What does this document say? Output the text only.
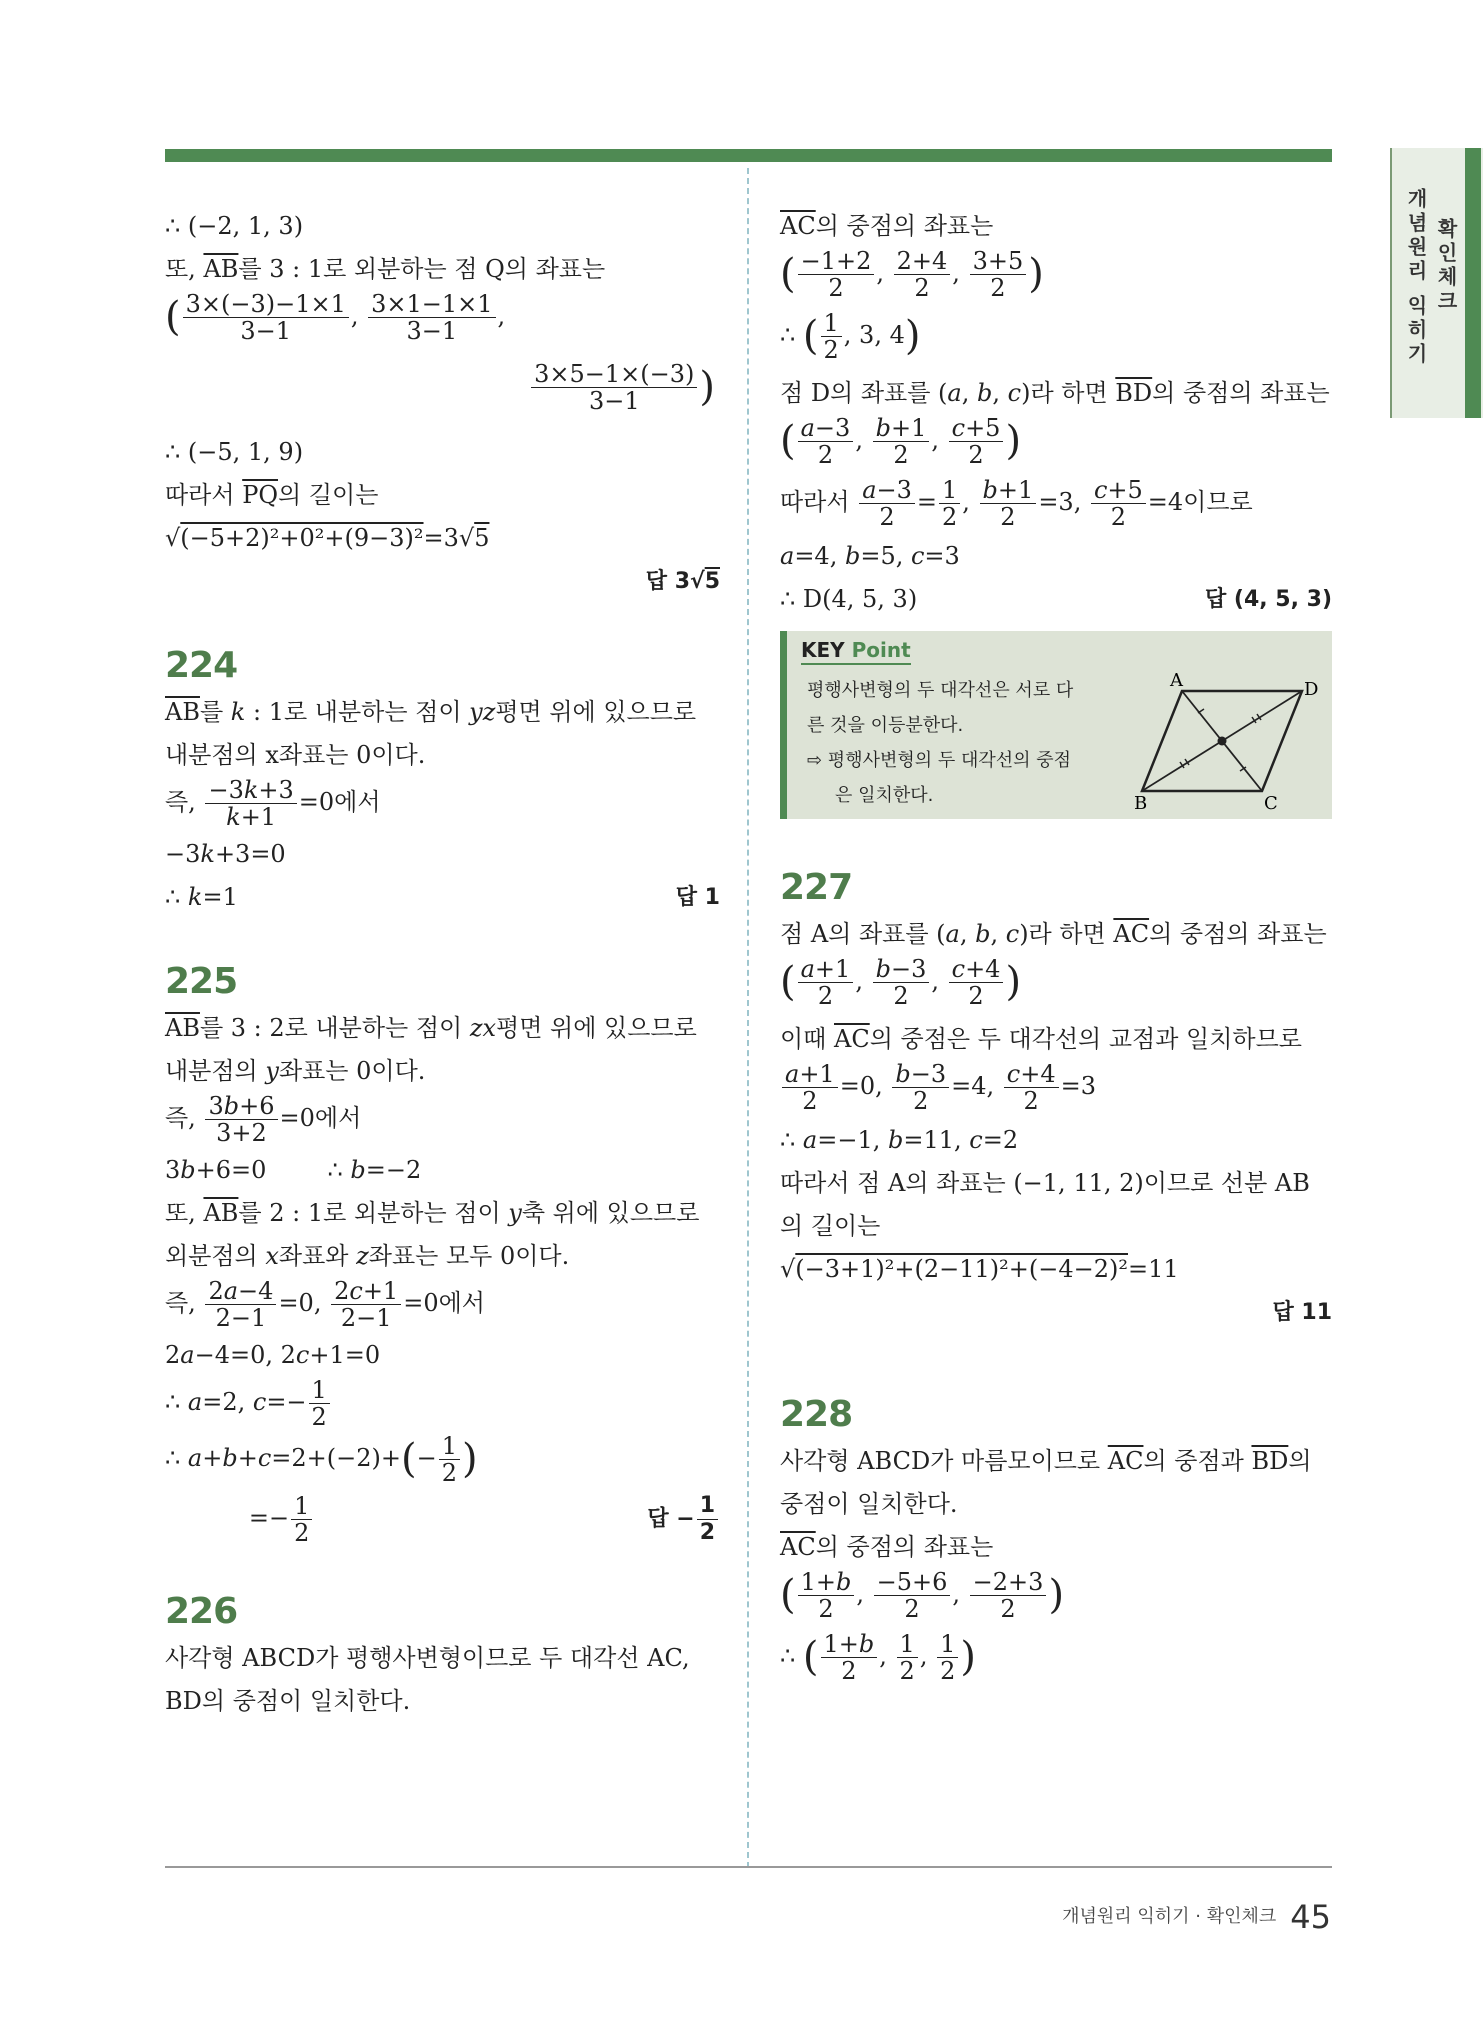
개념원리 익히기 확인체크
∴ (−2, 1, 3)
또, $\overline{AB}$를 3 : 1로 외분하는 점 Q의 좌표는
( $\frac{3\times(-3)-1\times 1}{3-1}$ , $\frac{3\times 1-1\times 1}{3-1}$ ,
$\frac{3\times 5-1\times(-3)}{3-1}$ )
∴ (−5, 1, 9)
따라서 $\overline{PQ}$의 길이는
√(−5+2)²+0²+(9−3)²=3√5
답 3√5
224
$\overline{AB}$를 k : 1로 내분하는 점이 yz평면 위에 있으므로
내분점의 x좌표는 0이다.
즉, $\frac{-3k+3}{k+1} =0$에서
−3k+3=0
∴ k=1	답 1
225
$\overline{AB}$를 3 : 2로 내분하는 점이 zx평면 위에 있으므로
내분점의 y좌표는 0이다.
즉, $\frac{3b+6}{3+2} =0$에서
3b+6=0        ∴ b=−2
또, $\overline{AB}$를 2 : 1로 외분하는 점이 y축 위에 있으므로
외분점의 x좌표와 z좌표는 모두 0이다.
즉, $\frac{2a-4}{2-1} =0$, $\frac{2c+1}{2-1} =0$에서
2a−4=0, 2c+1=0
∴ a=2, $c=- \frac{1}{2}$
∴ $a+b+c=2+(-2)+(- \frac{1}{2}$ )
=− $\frac{1}{2}$	답 − $\frac{1}{2}$
226
사각형 ABCD가 평행사변형이므로 두 대각선 AC,
BD의 중점이 일치한다.
$\overline{AC}$의 중점의 좌표는
( $\frac{-1+2}{2}$ , $\frac{2+4}{2}$ , $\frac{3+5}{2}$ )
∴ ( $\frac{1}{2}$ , 3, 4)
점 D의 좌표를 (a, b, c)라 하면 $\overline{BD}$의 중점의 좌표는
( $\frac{a-3}{2}$ , $\frac{b+1}{2}$ , $\frac{c+5}{2}$ )
따라서 $\frac{a-3}{2} = \frac{1}{2}$ , $\frac{b+1}{2} =3$, $\frac{c+5}{2} =4$이므로
a=4, b=5, c=3
∴ D(4, 5, 3)	답 (4, 5, 3)
KEY Point
평행사변형의 두 대각선은 서로 다
른 것을 이등분한다.
⇨ 평행사변형의 두 대각선의 중점
은 일치한다.
A	D
B	C
227
점 A의 좌표를 (a, b, c)라 하면 $\overline{AC}$의 중점의 좌표는
( $\frac{a+1}{2}$ , $\frac{b-3}{2}$ , $\frac{c+4}{2}$ )
이때 $\overline{AC}$의 중점은 두 대각선의 교점과 일치하므로
$\frac{a+1}{2} =0$, $\frac{b-3}{2} =4$, $\frac{c+4}{2} =3$
∴ a=−1, b=11, c=2
따라서 점 A의 좌표는 (−1, 11, 2)이므로 선분 AB
의 길이는
√(−3+1)²+(2−11)²+(−4−2)²=11
답 11
228
사각형 ABCD가 마름모이므로 $\overline{AC}$의 중점과 $\overline{BD}$의
중점이 일치한다.
$\overline{AC}$의 중점의 좌표는
( $\frac{1+b}{2}$ , $\frac{-5+6}{2}$ , $\frac{-2+3}{2}$ )
∴ ( $\frac{1+b}{2}$ , $\frac{1}{2}$ , $\frac{1}{2}$ )
개념원리 익히기 · 확인체크 45
